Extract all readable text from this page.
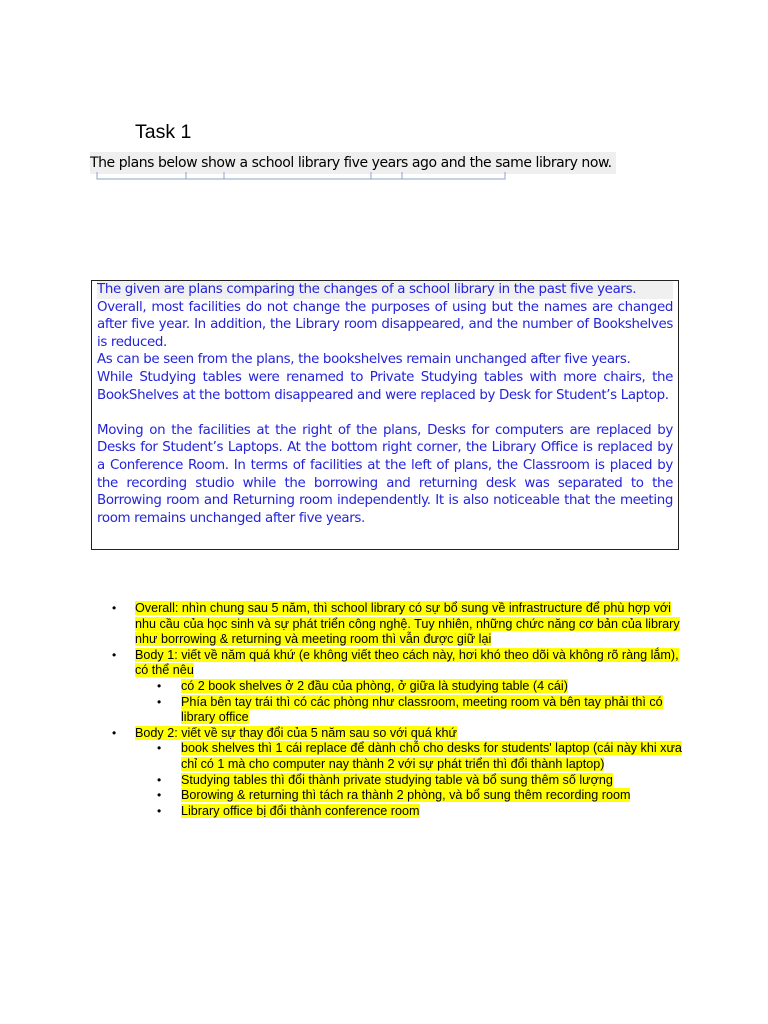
Task 1
The plans below show a school library five years ago and the same library now.

The given are plans comparing the changes of a school library in the past five years.

Overall, most facilities do not change the purposes of using but the names are changed after five year. In addition, the Library room disappeared, and the number of Bookshelves is reduced.

As can be seen from the plans, the bookshelves remain unchanged after five years.

While Studying tables were renamed to Private Studying tables with more chairs, the BookShelves at the bottom disappeared and were replaced by Desk for Student’s Laptop.

Moving on the facilities at the right of the plans, Desks for computers are replaced by Desks for Student’s Laptops. At the bottom right corner, the Library Office is replaced by a Conference Room. In terms of facilities at the left of plans, the Classroom is placed by the recording studio while the borrowing and returning desk was separated to the Borrowing room and Returning room independently. It is also noticeable that the meeting room remains unchanged after five years.

• Overall: nhìn chung sau 5 năm, thì school library có sự bổ sung về infrastructure để phù hợp với nhu cầu của học sinh và sự phát triển công nghệ. Tuy nhiên, những chức năng cơ bản của library như borrowing & returning và meeting room thì vẫn được giữ lại
• Body 1: viết về năm quá khứ (e không viết theo cách này, hơi khó theo dõi và không rõ ràng lắm), có thể nêu
• có 2 book shelves ở 2 đầu của phòng, ở giữa là studying table (4 cái)
• Phía bên tay trái thì có các phòng như classroom, meeting room và bên tay phải thì có library office
• Body 2: viết về sự thay đổi của 5 năm sau so với quá khứ
• book shelves thì 1 cái replace để dành chỗ cho desks for students' laptop (cái này khi xưa chỉ có 1 mà cho computer nay thành 2 với sự phát triển thì đổi thành laptop)
• Studying tables thì đổi thành private studying table và bổ sung thêm số lượng
• Borowing & returning thì tách ra thành 2 phòng, và bổ sung thêm recording room
• Library office bị đổi thành conference room
